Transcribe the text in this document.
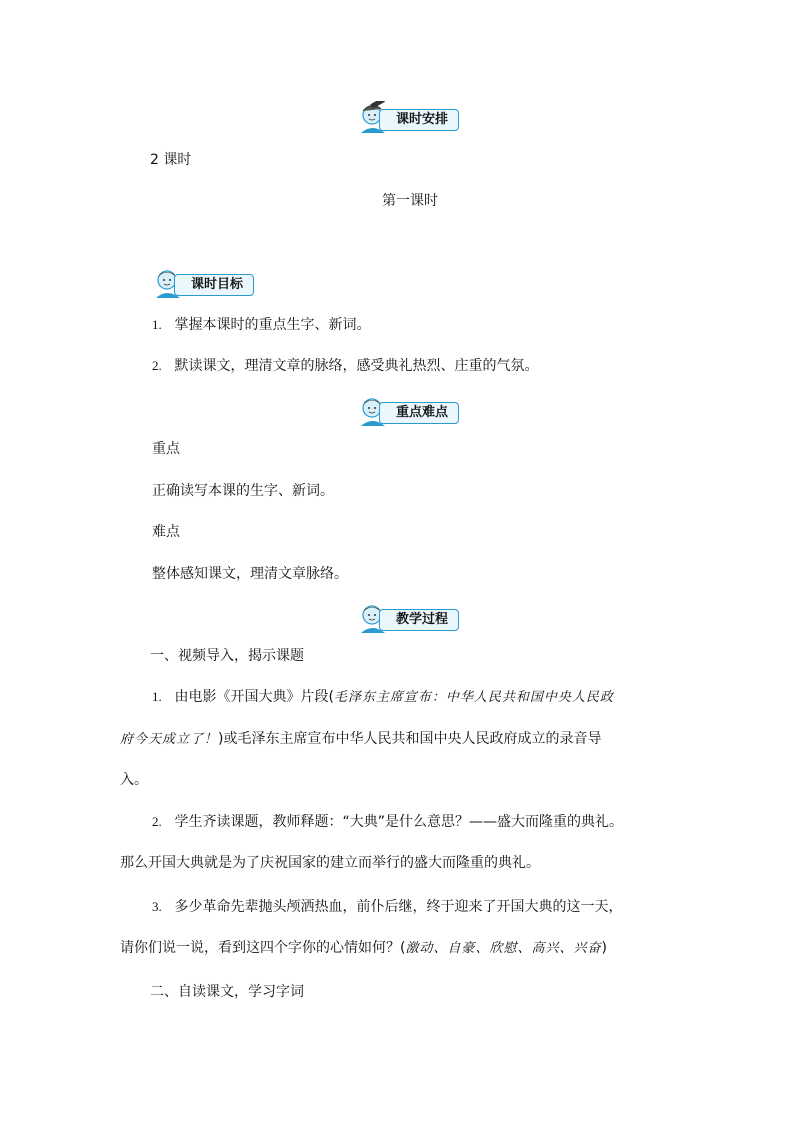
课时安排
2 课时
第一课时
课时目标
1. 掌握本课时的重点生字、新词。
2. 默读课文，理清文章的脉络，感受典礼热烈、庄重的气氛。
重点难点
重点
正确读写本课的生字、新词。
难点
整体感知课文，理清文章脉络。
教学过程
一、视频导入，揭示课题
1. 由电影《开国大典》片段(毛泽东主席宣布：中华人民共和国中央人民政
府今天成立了！)或毛泽东主席宣布中华人民共和国中央人民政府成立的录音导
入。
2. 学生齐读课题，教师释题：“大典”是什么意思？——盛大而隆重的典礼。
那么开国大典就是为了庆祝国家的建立而举行的盛大而隆重的典礼。
3. 多少革命先辈抛头颅洒热血，前仆后继，终于迎来了开国大典的这一天，
请你们说一说，看到这四个字你的心情如何？(激动、自豪、欣慰、高兴、兴奋)
二、自读课文，学习字词
